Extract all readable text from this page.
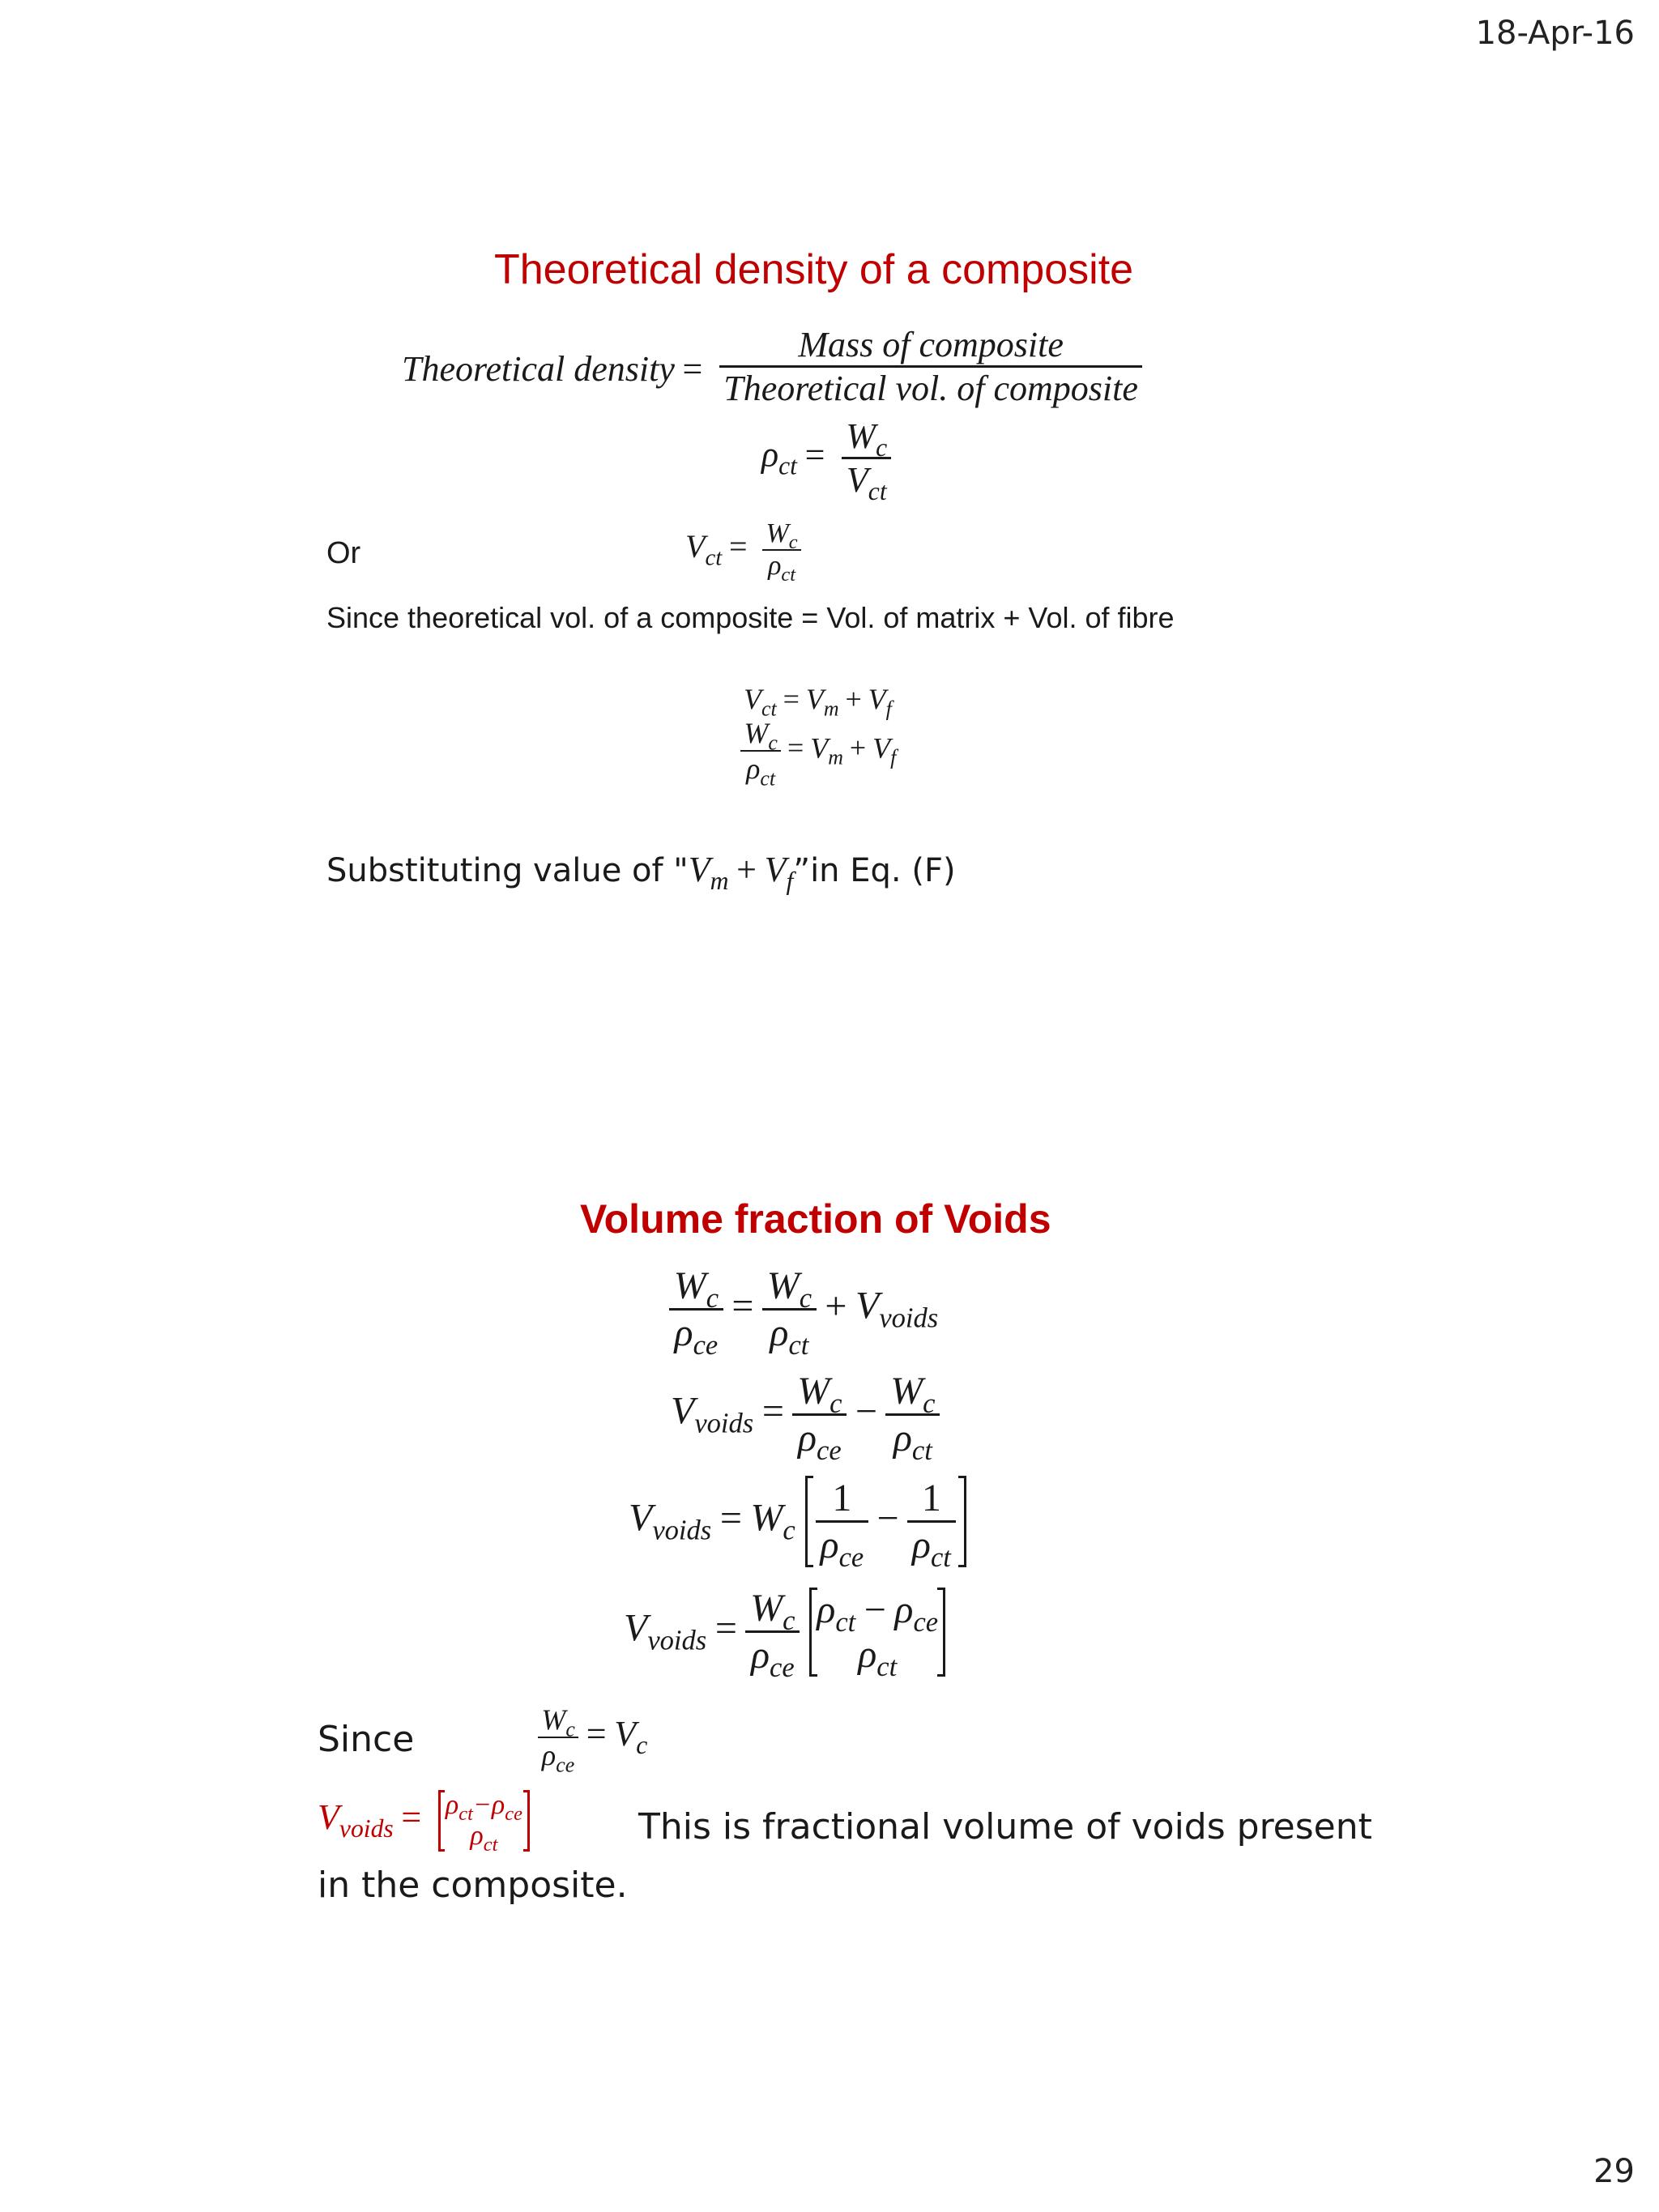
18-Apr-16
29
Theoretical density of a composite
Theoretical density = $\frac{\text{Mass of composite}}{\text{Theoretical vol. of composite}}$
$\rho_{ct} = \frac{W_c}{V_{ct}}$
Or	$V_{ct} = \frac{W_c}{\rho_{ct}}$
Since theoretical vol. of a composite = Vol. of matrix + Vol. of fibre
$V_{ct} = V_m + V_f$
$\frac{W_c}{\rho_{ct}} = V_m + V_f$
Substituting value of "$V_m$ + $V_f”in$ Eq. (F)
Volume fraction of Voids
$\frac{W_c}{\rho_{ce}} = \frac{W_c}{\rho_{ct}} + V_{voids}$
$V_{voids} = \frac{W_c}{\rho_{ce}} - \frac{W_c}{\rho_{ct}}$
$V_{voids} = W_c \frac{1}{\rho_{ce}} - \frac{1}{\rho_{ct}}$
$V_{voids} = \frac{W_c}{\rho_{ce}}$
$\rho_{ct} - \rho_{ce}$
$\rho_{ct}$
Since	$\frac{W_c}{\rho_{ce}} = V_c$
$V_{voids} = \rho_{ct}-\rho_{ce}$
$\rho_{ct}$	This is fractional volume of voids present
in the composite.
